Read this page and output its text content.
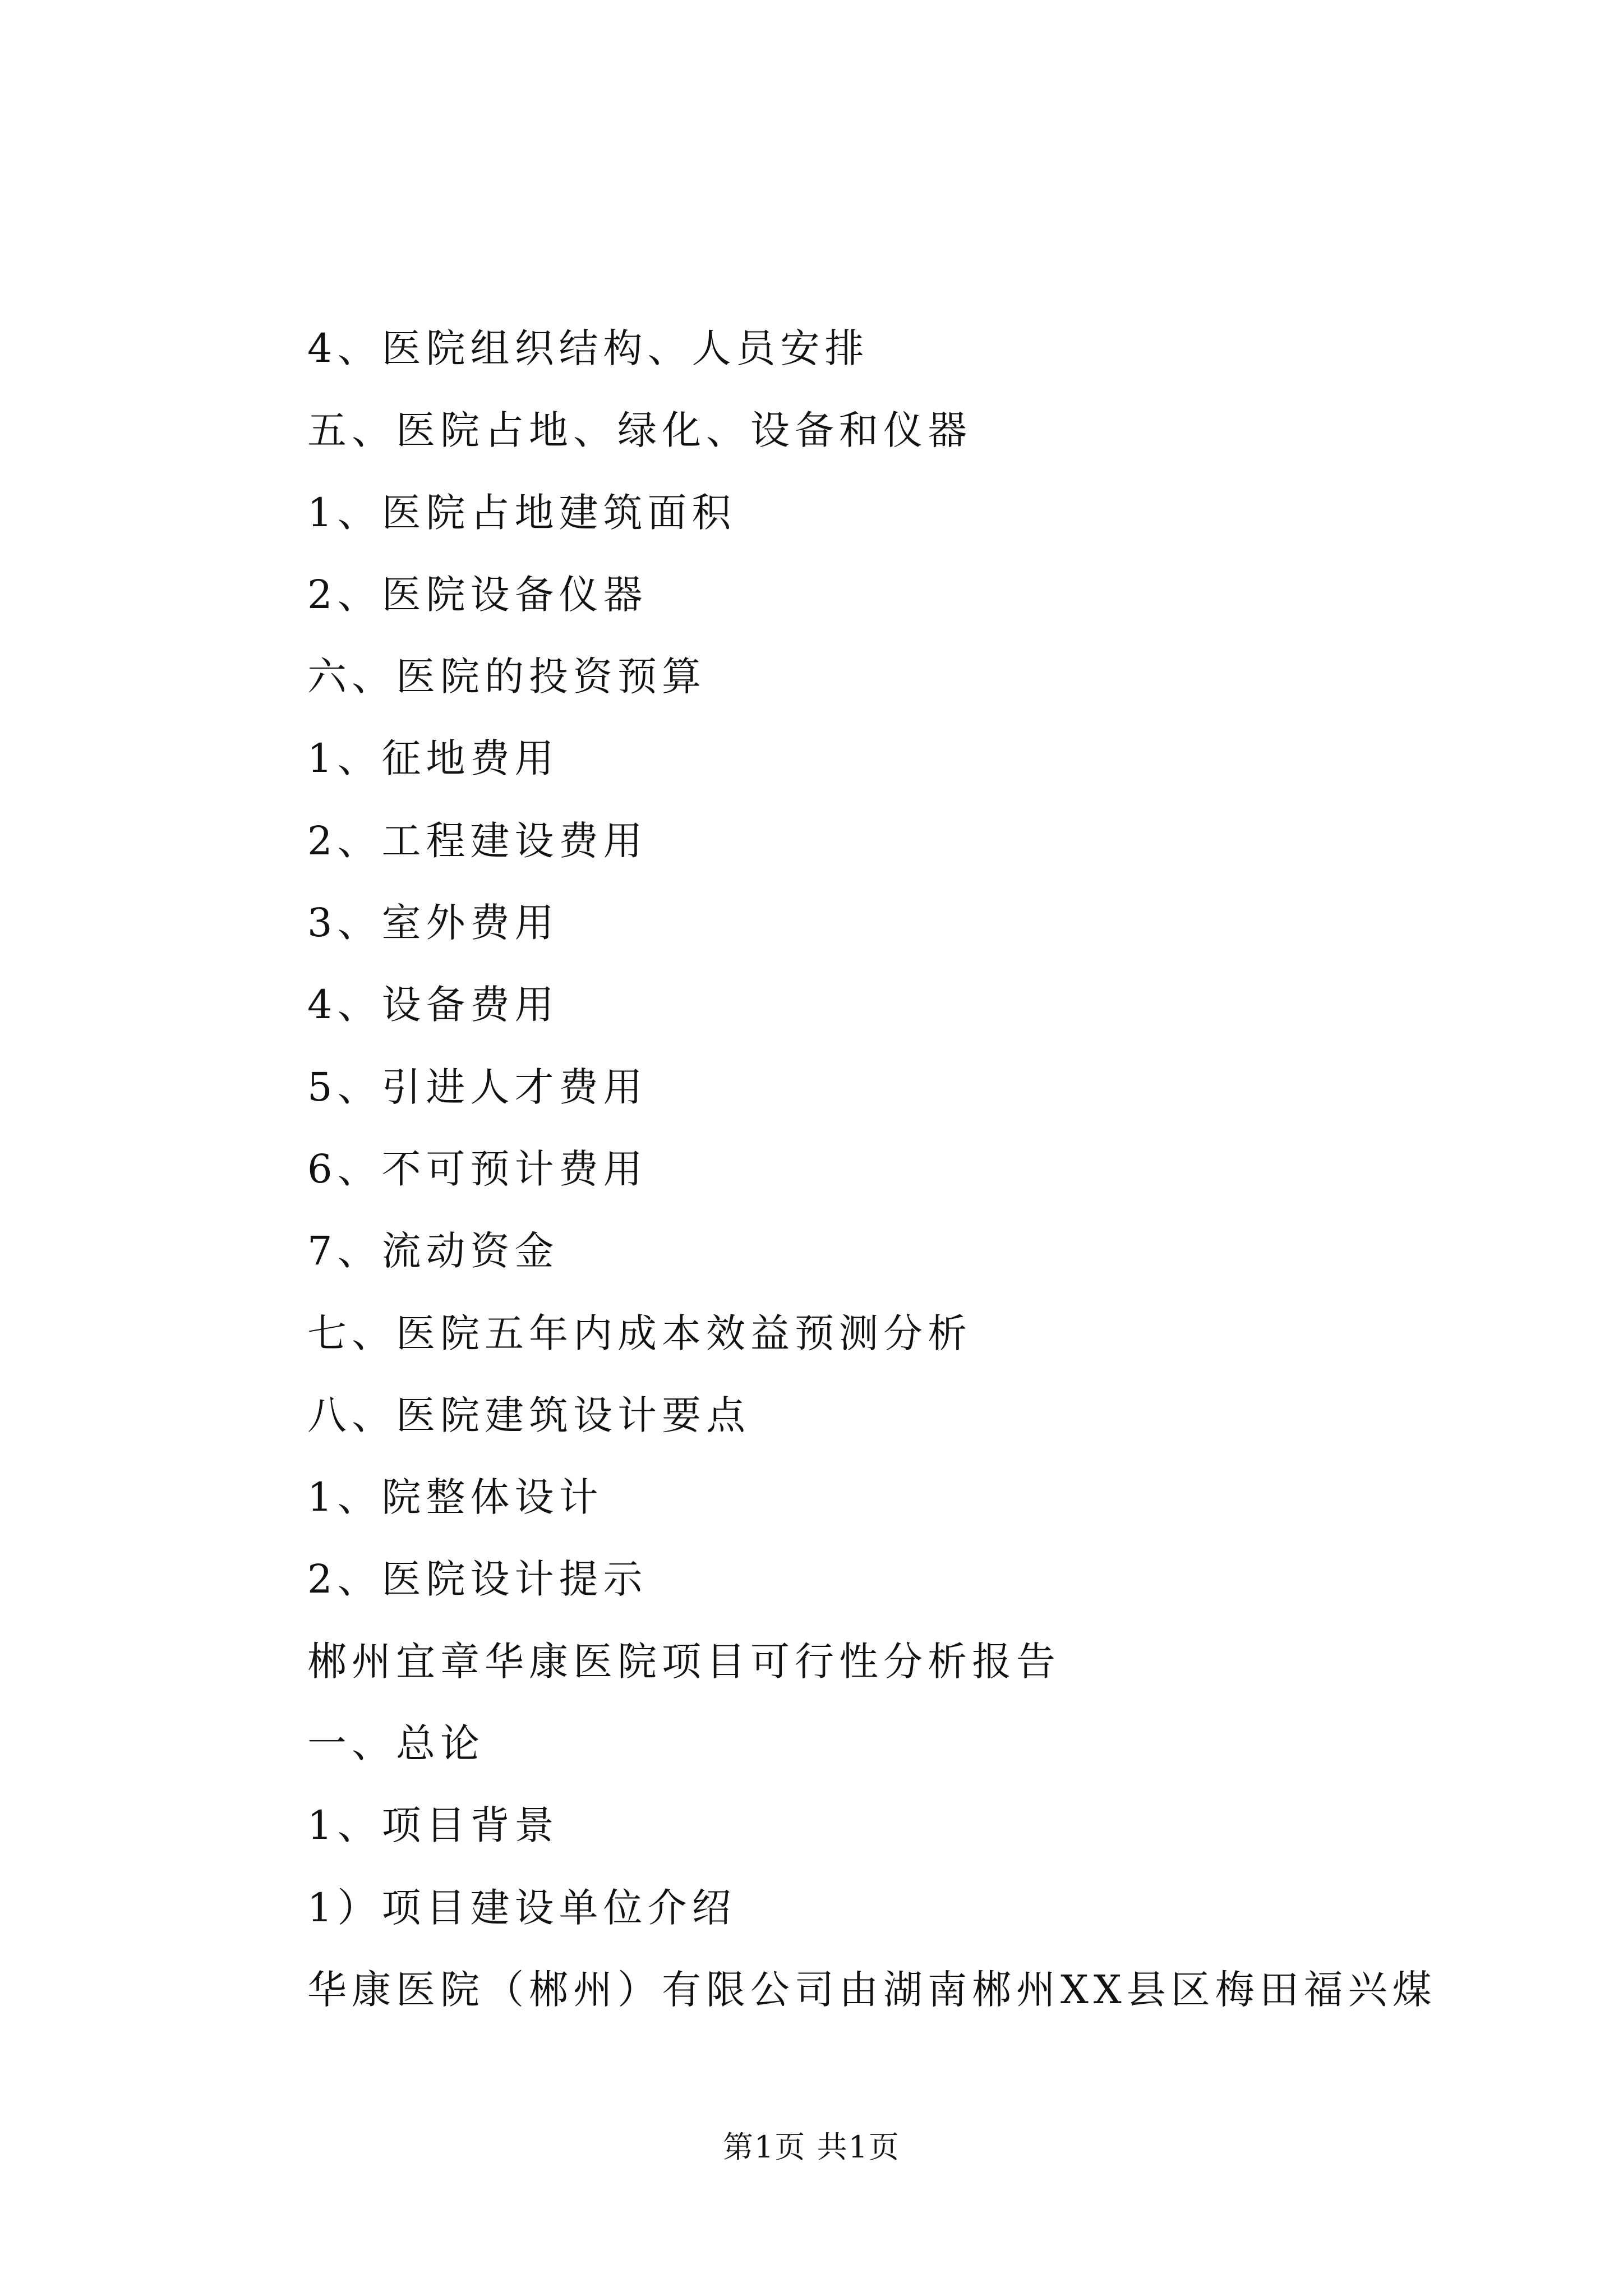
4、医院组织结构、人员安排
五、医院占地、绿化、设备和仪器
1、医院占地建筑面积
2、医院设备仪器
六、医院的投资预算
1、征地费用
2、工程建设费用
3、室外费用
4、设备费用
5、引进人才费用
6、不可预计费用
7、流动资金
七、医院五年内成本效益预测分析
八、医院建筑设计要点
1、院整体设计
2、医院设计提示
郴州宜章华康医院项目可行性分析报告
一、总论
1、项目背景
1）项目建设单位介绍
华康医院（郴州）有限公司由湖南郴州XX县区梅田福兴煤
第1页 共1页
